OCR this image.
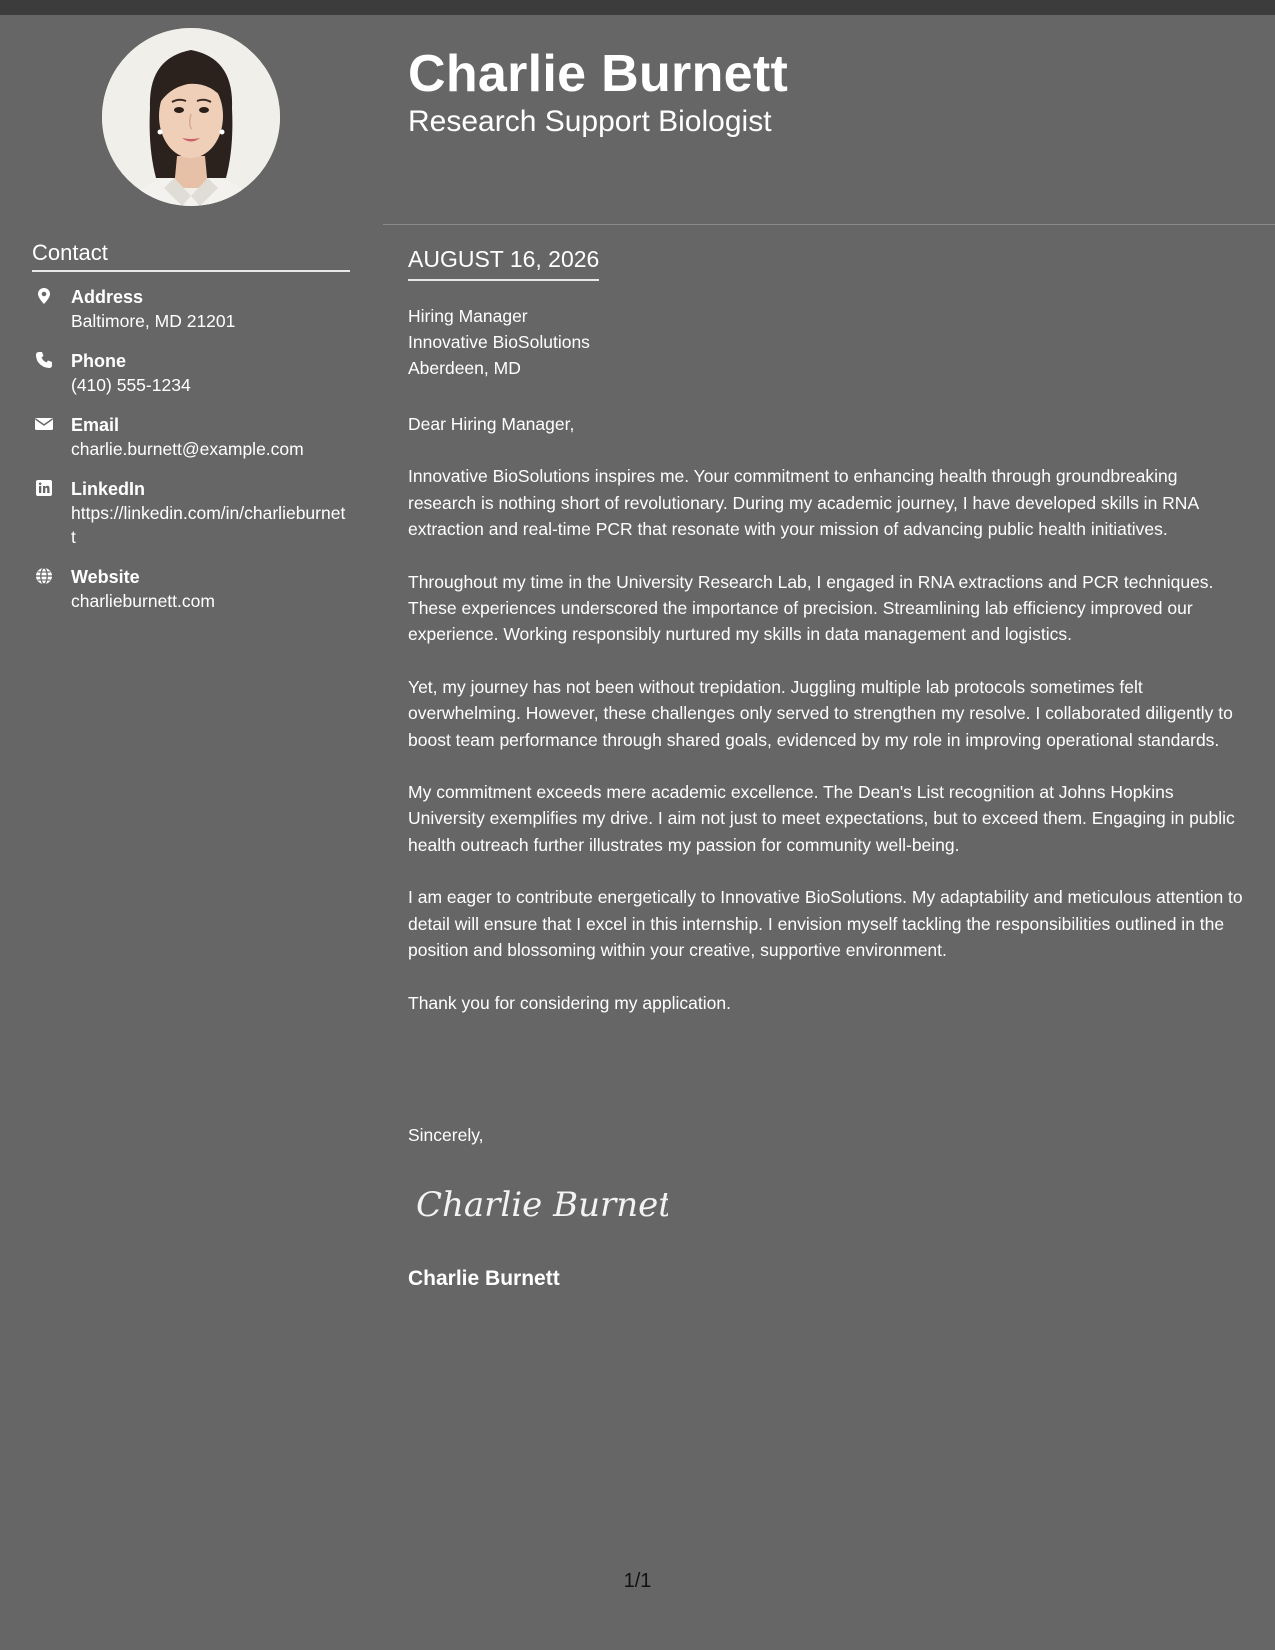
Contact
Address
Baltimore, MD 21201
Phone
(410) 555-1234
Email
charlie.burnett@example.com
LinkedIn
https://linkedin.com/in/charlieburnett
Website
charlieburnett.com
Charlie Burnett
Research Support Biologist
AUGUST 16, 2026
Hiring Manager
Innovative BioSolutions
Aberdeen, MD

Dear Hiring Manager,

Innovative BioSolutions inspires me. Your commitment to enhancing health through groundbreaking research is nothing short of revolutionary. During my academic journey, I have developed skills in RNA extraction and real-time PCR that resonate with your mission of advancing public health initiatives.

Throughout my time in the University Research Lab, I engaged in RNA extractions and PCR techniques. These experiences underscored the importance of precision. Streamlining lab efficiency improved our experience. Working responsibly nurtured my skills in data management and logistics.

Yet, my journey has not been without trepidation. Juggling multiple lab protocols sometimes felt overwhelming. However, these challenges only served to strengthen my resolve. I collaborated diligently to boost team performance through shared goals, evidenced by my role in improving operational standards.

My commitment exceeds mere academic excellence. The Dean's List recognition at Johns Hopkins University exemplifies my drive. I aim not just to meet expectations, but to exceed them. Engaging in public health outreach further illustrates my passion for community well-being.

I am eager to contribute energetically to Innovative BioSolutions. My adaptability and meticulous attention to detail will ensure that I excel in this internship. I envision myself tackling the responsibilities outlined in the position and blossoming within your creative, supportive environment.

Thank you for considering my application.

Sincerely,
Charlie Burnett
Charlie Burnett
1/1
